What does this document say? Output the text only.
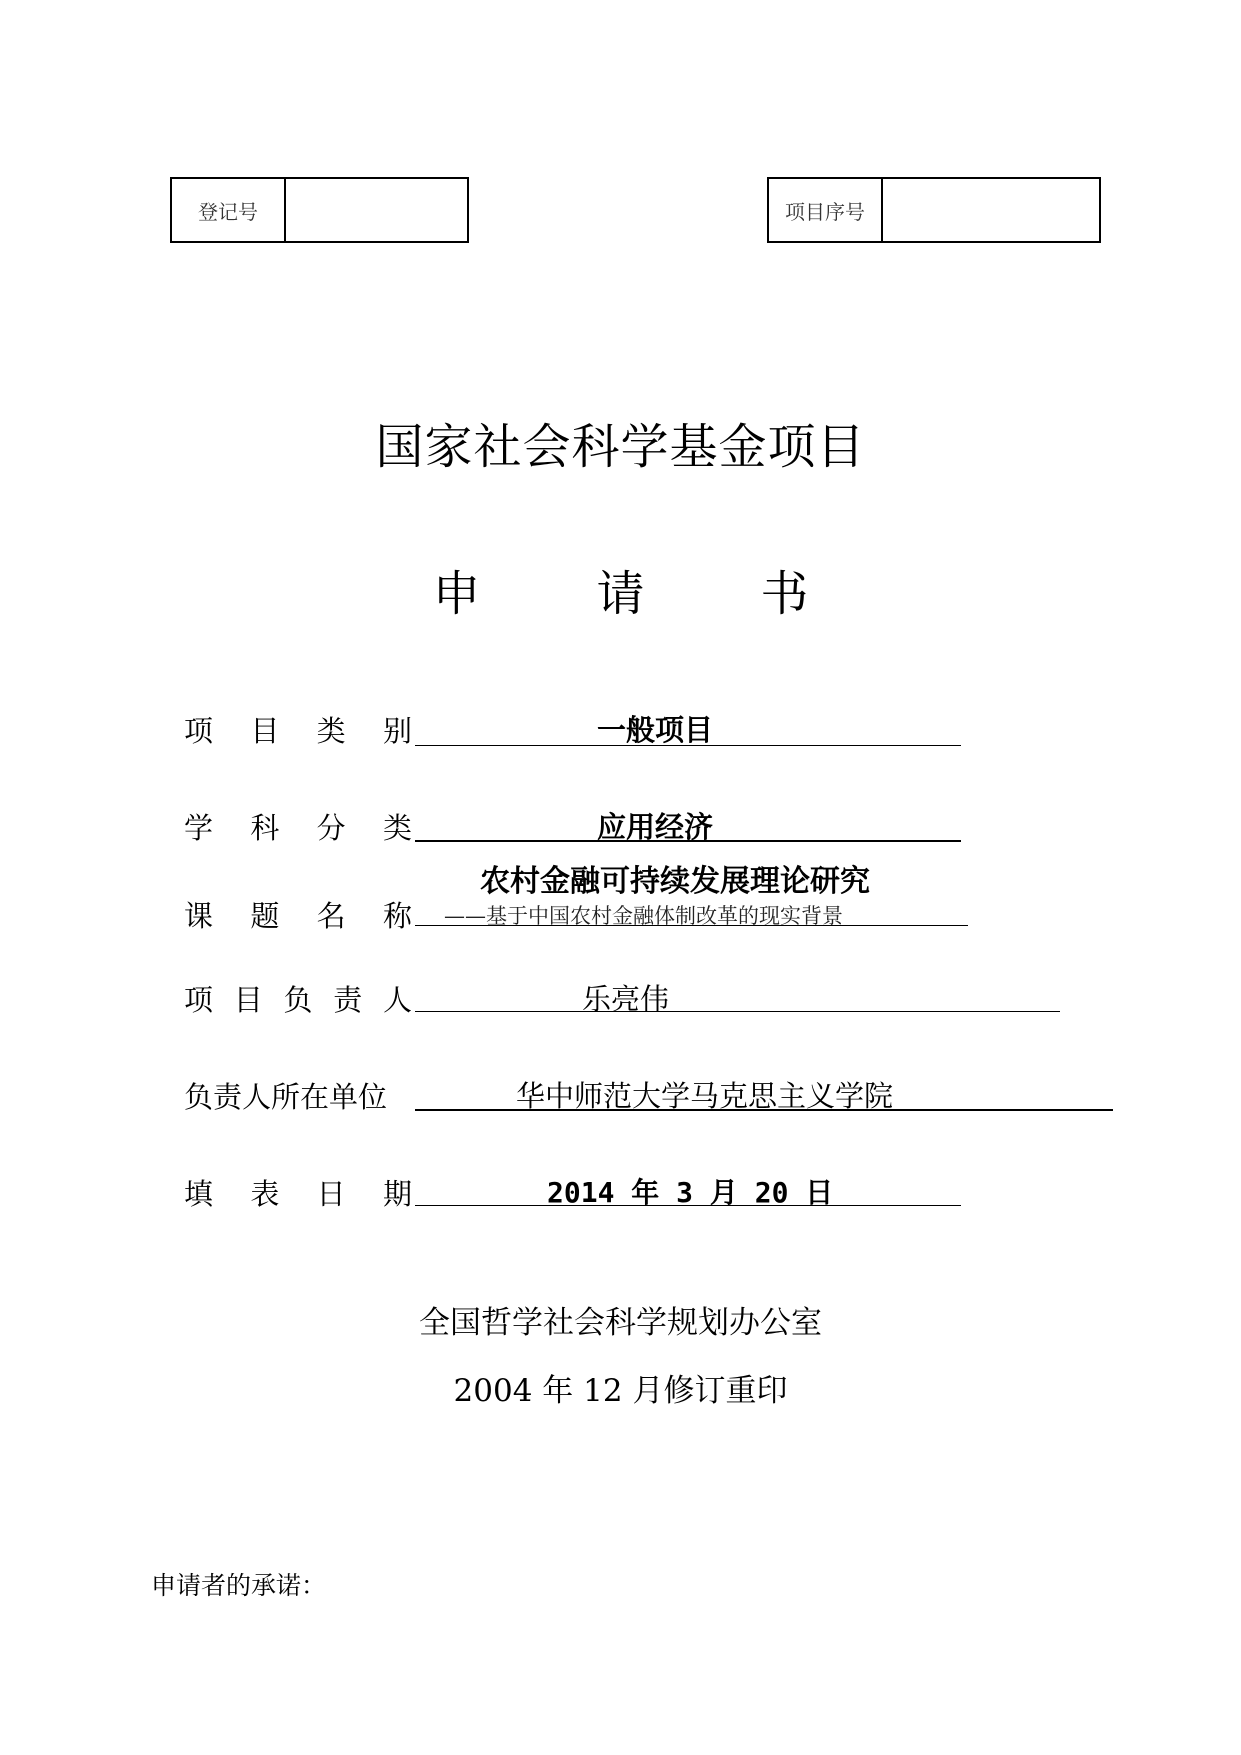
登记号	项目序号
国家社会科学基金项目
申 请 书
项 目 类 别	一般项目
学 科 分 类	应用经济
农村金融可持续发展理论研究
课 题 名 称 ——基于中国农村金融体制改革的现实背景
项 目 负 责 人	乐亮伟
负责人所在单位	华中师范大学马克思主义学院
填 表 日 期	2014 年 3 月 20 日
全国哲学社会科学规划办公室
2004 年 12 月修订重印
申请者的承诺：
